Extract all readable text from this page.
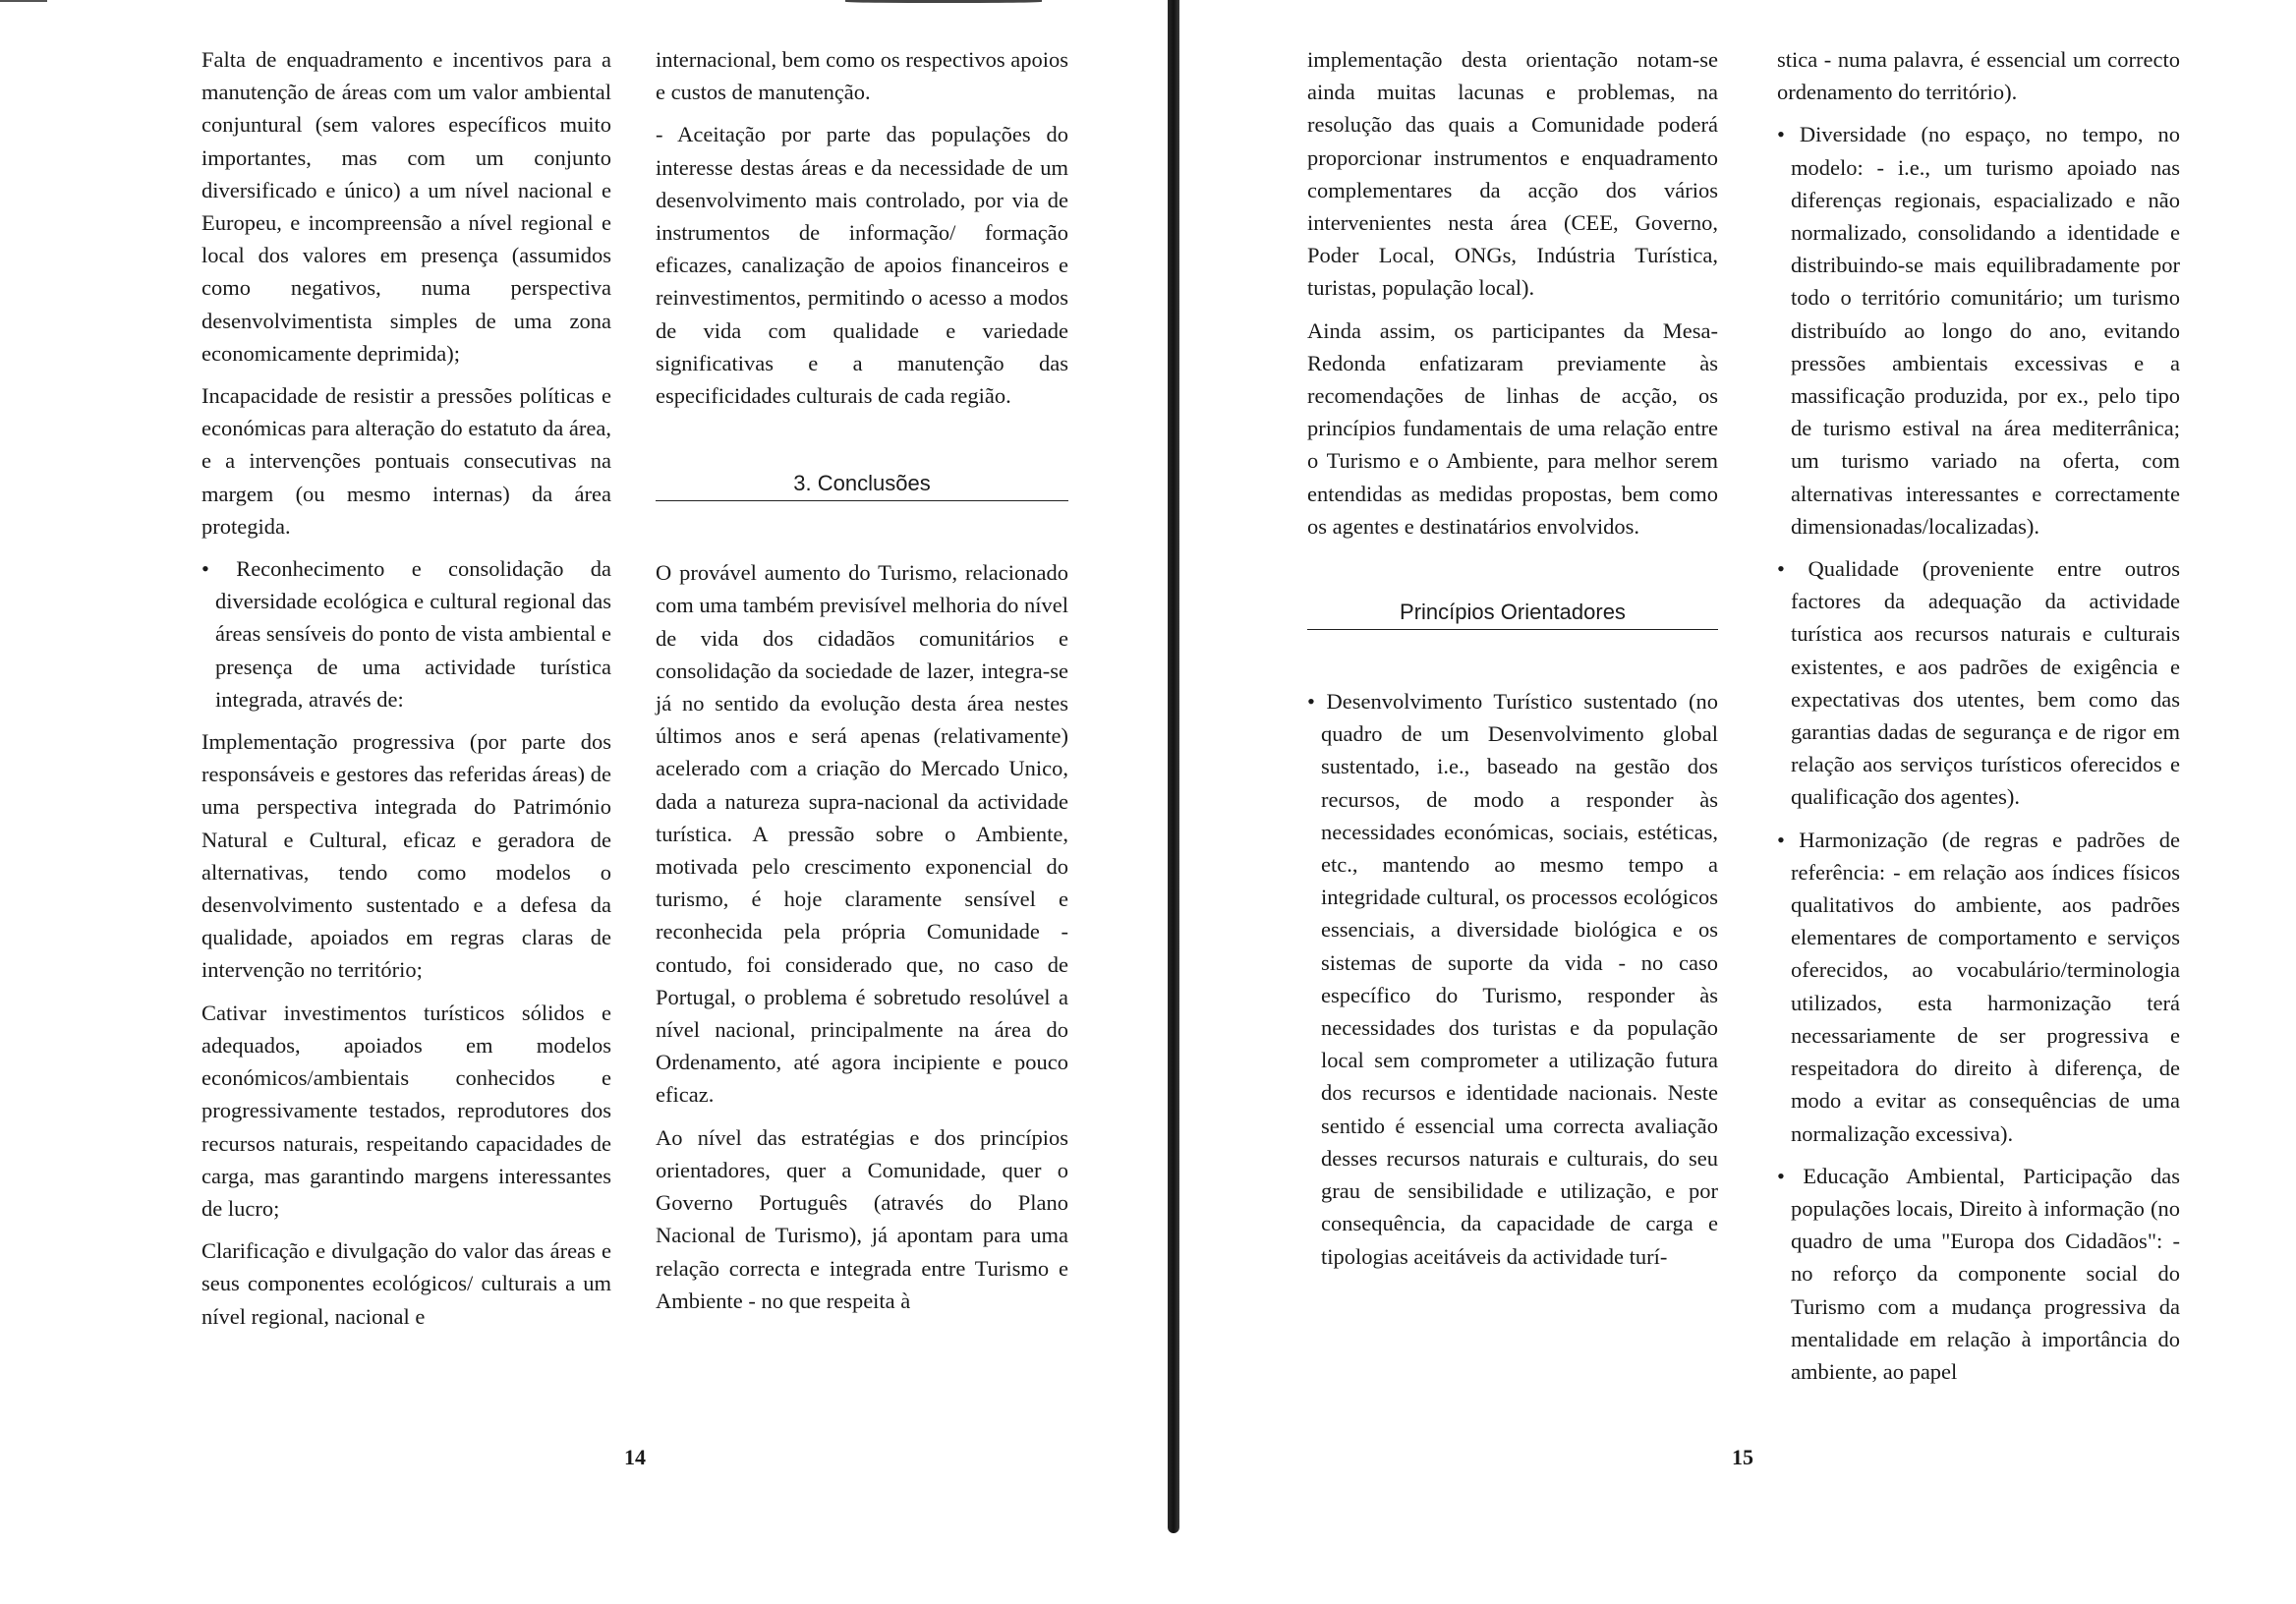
Falta de enquadramento e incentivos para a manutenção de áreas com um valor ambiental conjuntural (sem valores específicos muito importantes, mas com um conjunto diversificado e único) a um nível nacional e Europeu, e incompreensão a nível regional e local dos valores em presença (assumidos como negativos, numa perspectiva desenvolvimentista simples de uma zona economicamente deprimida);

Incapacidade de resistir a pressões políticas e económicas para alteração do estatuto da área, e a intervenções pontuais consecutivas na margem (ou mesmo internas) da área protegida.

• Reconhecimento e consolidação da diversidade ecológica e cultural regional das áreas sensíveis do ponto de vista ambiental e presença de uma actividade turística integrada, através de:

Implementação progressiva (por parte dos responsáveis e gestores das referidas áreas) de uma perspectiva integrada do Património Natural e Cultural, eficaz e geradora de alternativas, tendo como modelos o desenvolvimento sustentado e a defesa da qualidade, apoiados em regras claras de intervenção no território;

Cativar investimentos turísticos sólidos e adequados, apoiados em modelos económicos/ambientais conhecidos e progressivamente testados, reprodutores dos recursos naturais, respeitando capacidades de carga, mas garantindo margens interessantes de lucro;

Clarificação e divulgação do valor das áreas e seus componentes ecológicos/ culturais a um nível regional, nacional e

internacional, bem como os respectivos apoios e custos de manutenção.

- Aceitação por parte das populações do interesse destas áreas e da necessidade de um desenvolvimento mais controlado, por via de instrumentos de informação/ formação eficazes, canalização de apoios financeiros e reinvestimentos, permitindo o acesso a modos de vida com qualidade e variedade significativas e a manutenção das especificidades culturais de cada região.

3. Conclusões

O provável aumento do Turismo, relacionado com uma também previsível melhoria do nível de vida dos cidadãos comunitários e consolidação da sociedade de lazer, integra-se já no sentido da evolução desta área nestes últimos anos e será apenas (relativamente) acelerado com a criação do Mercado Unico, dada a natureza supra-nacional da actividade turística. A pressão sobre o Ambiente, motivada pelo crescimento exponencial do turismo, é hoje claramente sensível e reconhecida pela própria Comunidade - contudo, foi considerado que, no caso de Portugal, o problema é sobretudo resolúvel a nível nacional, principalmente na área do Ordenamento, até agora incipiente e pouco eficaz.

Ao nível das estratégias e dos princípios orientadores, quer a Comunidade, quer o Governo Português (através do Plano Nacional de Turismo), já apontam para uma relação correcta e integrada entre Turismo e Ambiente - no que respeita à

14

implementação desta orientação notam-se ainda muitas lacunas e problemas, na resolução das quais a Comunidade poderá proporcionar instrumentos e enquadramento complementares da acção dos vários intervenientes nesta área (CEE, Governo, Poder Local, ONGs, Indústria Turística, turistas, população local).

Ainda assim, os participantes da Mesa-Redonda enfatizaram previamente às recomendações de linhas de acção, os princípios fundamentais de uma relação entre o Turismo e o Ambiente, para melhor serem entendidas as medidas propostas, bem como os agentes e destinatários envolvidos.

Princípios Orientadores

• Desenvolvimento Turístico sustentado (no quadro de um Desenvolvimento global sustentado, i.e., baseado na gestão dos recursos, de modo a responder às necessidades económicas, sociais, estéticas, etc., mantendo ao mesmo tempo a integridade cultural, os processos ecológicos essenciais, a diversidade biológica e os sistemas de suporte da vida - no caso específico do Turismo, responder às necessidades dos turistas e da população local sem comprometer a utilização futura dos recursos e identidade nacionais. Neste sentido é essencial uma correcta avaliação desses recursos naturais e culturais, do seu grau de sensibilidade e utilização, e por consequência, da capacidade de carga e tipologias aceitáveis da actividade turí-

stica - numa palavra, é essencial um correcto ordenamento do território).

• Diversidade (no espaço, no tempo, no modelo: - i.e., um turismo apoiado nas diferenças regionais, espacializado e não normalizado, consolidando a identidade e distribuindo-se mais equilibradamente por todo o território comunitário; um turismo distribuído ao longo do ano, evitando pressões ambientais excessivas e a massificação produzida, por ex., pelo tipo de turismo estival na área mediterrânica; um turismo variado na oferta, com alternativas interessantes e correctamente dimensionadas/localizadas).

• Qualidade (proveniente entre outros factores da adequação da actividade turística aos recursos naturais e culturais existentes, e aos padrões de exigência e expectativas dos utentes, bem como das garantias dadas de segurança e de rigor em relação aos serviços turísticos oferecidos e qualificação dos agentes).

• Harmonização (de regras e padrões de referência: - em relação aos índices físicos qualitativos do ambiente, aos padrões elementares de comportamento e serviços oferecidos, ao vocabulário/terminologia utilizados, esta harmonização terá necessariamente de ser progressiva e respeitadora do direito à diferença, de modo a evitar as consequências de uma normalização excessiva).

• Educação Ambiental, Participação das populações locais, Direito à informação (no quadro de uma "Europa dos Cidadãos": - no reforço da componente social do Turismo com a mudança progressiva da mentalidade em relação à importância do ambiente, ao papel

15
